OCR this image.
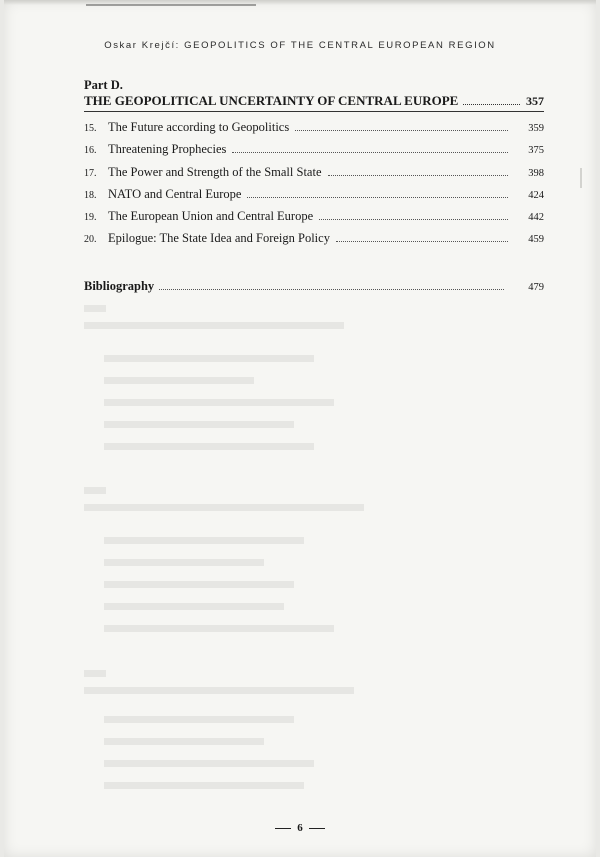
Oskar Krejčí: GEOPOLITICS OF THE CENTRAL EUROPEAN REGION
Part D.
THE GEOPOLITICAL UNCERTAINTY OF CENTRAL EUROPE	357
15. The Future according to Geopolitics	359
16. Threatening Prophecies	375
17. The Power and Strength of the Small State	398
18. NATO and Central Europe	424
19. The European Union and Central Europe	442
20. Epilogue: The State Idea and Foreign Policy	459
Bibliography	479
6
